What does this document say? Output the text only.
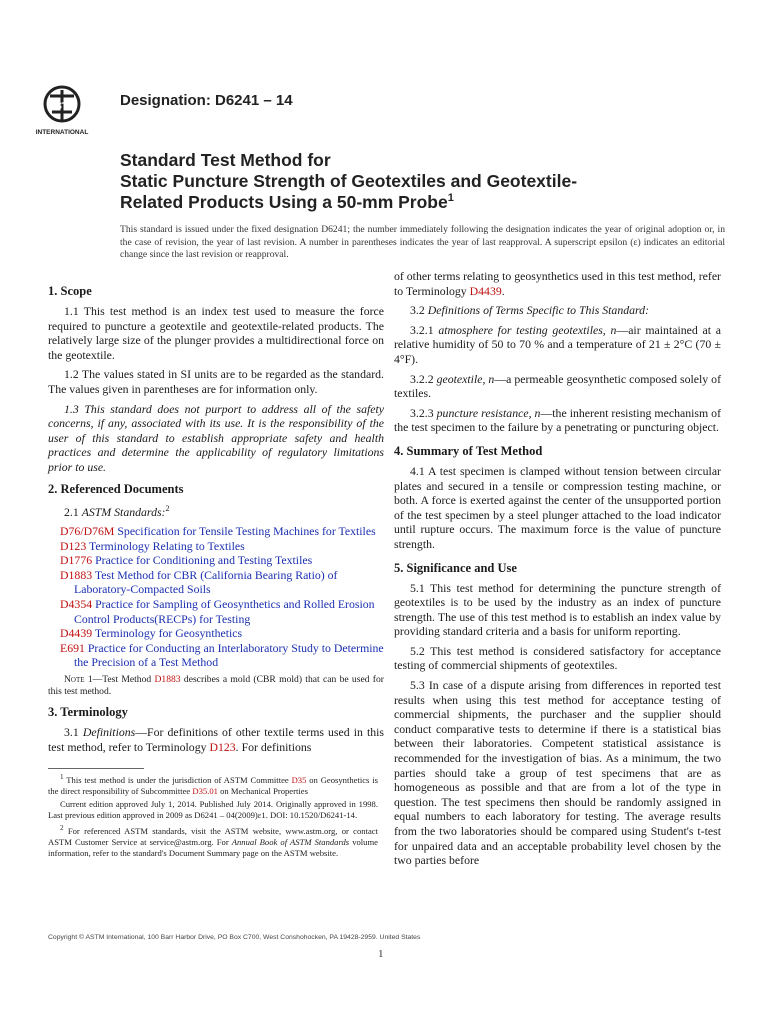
ASTM
INTERNATIONAL
Designation: D6241 – 14
Standard Test Method for
Static Puncture Strength of Geotextiles and Geotextile-
Related Products Using a 50-mm Probe$^1$
This standard is issued under the fixed designation D6241; the number immediately following the designation indicates the year of original adoption or, in the case of revision, the year of last revision. A number in parentheses indicates the year of last reapproval. A superscript epsilon (ε) indicates an editorial change since the last revision or reapproval.
1. Scope

1.1 This test method is an index test used to measure the force required to puncture a geotextile and geotextile-related products. The relatively large size of the plunger provides a multidirectional force on the geotextile.

1.2 The values stated in SI units are to be regarded as the standard. The values given in parentheses are for information only.

1.3 This standard does not purport to address all of the safety concerns, if any, associated with its use. It is the responsibility of the user of this standard to establish appropriate safety and health practices and determine the applicability of regulatory limitations prior to use.

2. Referenced Documents

2.1 ASTM Standards:$^2$

D76/D76M Specification for Tensile Testing Machines for Textiles
D123 Terminology Relating to Textiles
D1776 Practice for Conditioning and Testing Textiles
D1883 Test Method for CBR (California Bearing Ratio) of Laboratory-Compacted Soils
D4354 Practice for Sampling of Geosynthetics and Rolled Erosion Control Products(RECPs) for Testing
D4439 Terminology for Geosynthetics
E691 Practice for Conducting an Interlaboratory Study to Determine the Precision of a Test Method

Note 1—Test Method D1883 describes a mold (CBR mold) that can be used for this test method.

3. Terminology

3.1 Definitions—For definitions of other textile terms used in this test method, refer to Terminology D123. For definitions

$^1$ This test method is under the jurisdiction of ASTM Committee D35 on Geosynthetics is the direct responsibility of Subcommittee D35.01 on Mechanical Properties

Current edition approved July 1, 2014. Published July 2014. Originally approved in 1998. Last previous edition approved in 2009 as D6241 – 04(2009)ε1. DOI: 10.1520/D6241-14.

$^2$ For referenced ASTM standards, visit the ASTM website, www.astm.org, or contact ASTM Customer Service at service@astm.org. For Annual Book of ASTM Standards volume information, refer to the standard's Document Summary page on the ASTM website.

of other terms relating to geosynthetics used in this test method, refer to Terminology D4439.

3.2 Definitions of Terms Specific to This Standard:

3.2.1 atmosphere for testing geotextiles, n—air maintained at a relative humidity of 50 to 70 % and a temperature of 21 ± 2°C (70 ± 4°F).

3.2.2 geotextile, n—a permeable geosynthetic composed solely of textiles.

3.2.3 puncture resistance, n—the inherent resisting mechanism of the test specimen to the failure by a penetrating or puncturing object.

4. Summary of Test Method

4.1 A test specimen is clamped without tension between circular plates and secured in a tensile or compression testing machine, or both. A force is exerted against the center of the unsupported portion of the test specimen by a steel plunger attached to the load indicator until rupture occurs. The maximum force is the value of puncture strength.

5. Significance and Use

5.1 This test method for determining the puncture strength of geotextiles is to be used by the industry as an index of puncture strength. The use of this test method is to establish an index value by providing standard criteria and a basis for uniform reporting.

5.2 This test method is considered satisfactory for acceptance testing of commercial shipments of geotextiles.

5.3 In case of a dispute arising from differences in reported test results when using this test method for acceptance testing of commercial shipments, the purchaser and the supplier should conduct comparative tests to determine if there is a statistical bias between their laboratories. Competent statistical assistance is recommended for the investigation of bias. As a minimum, the two parties should take a group of test specimens that are as homogeneous as possible and that are from a lot of the type in question. The test specimens then should be randomly assigned in equal numbers to each laboratory for testing. The average results from the two laboratories should be compared using Student's t-test for unpaired data and an acceptable probability level chosen by the two parties before

Copyright © ASTM International, 100 Barr Harbor Drive, PO Box C700, West Conshohocken, PA 19428-2959. United States
1
